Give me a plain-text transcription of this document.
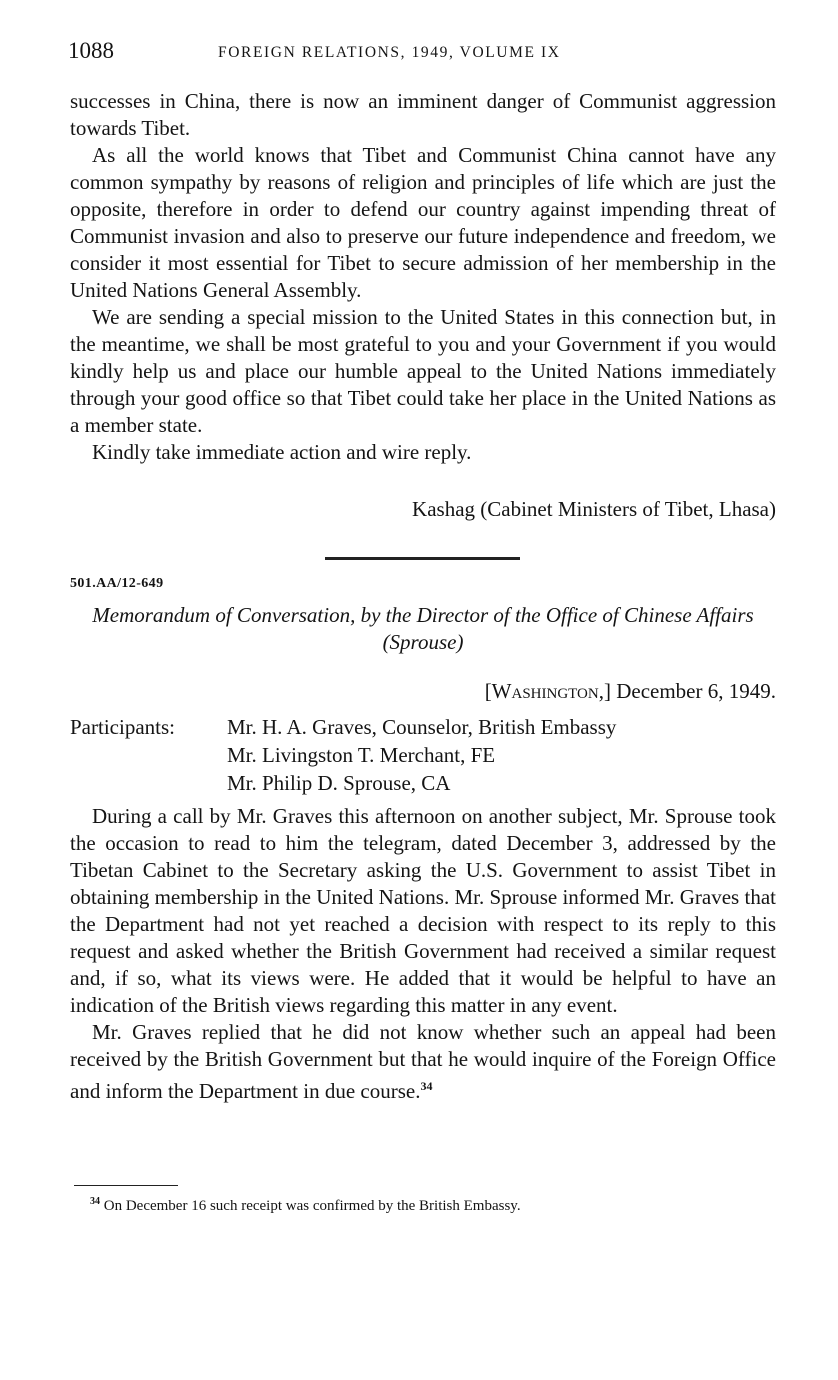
1088	FOREIGN RELATIONS, 1949, VOLUME IX

successes in China, there is now an imminent danger of Communist aggression towards Tibet.

As all the world knows that Tibet and Communist China cannot have any common sympathy by reasons of religion and principles of life which are just the opposite, therefore in order to defend our country against impending threat of Communist invasion and also to preserve our future independence and freedom, we consider it most essential for Tibet to secure admission of her membership in the United Nations General Assembly.

We are sending a special mission to the United States in this connection but, in the meantime, we shall be most grateful to you and your Government if you would kindly help us and place our humble appeal to the United Nations immediately through your good office so that Tibet could take her place in the United Nations as a member state.

Kindly take immediate action and wire reply.

Kashag (Cabinet Ministers of Tibet, Lhasa)
501.AA/12-649
Memorandum of Conversation, by the Director of the Office of Chinese Affairs (Sprouse)
[Washington,] December 6, 1949.
Participants: Mr. H. A. Graves, Counselor, British Embassy
Mr. Livingston T. Merchant, FE
Mr. Philip D. Sprouse, CA

During a call by Mr. Graves this afternoon on another subject, Mr. Sprouse took the occasion to read to him the telegram, dated December 3, addressed by the Tibetan Cabinet to the Secretary asking the U.S. Government to assist Tibet in obtaining membership in the United Nations. Mr. Sprouse informed Mr. Graves that the Department had not yet reached a decision with respect to its reply to this request and asked whether the British Government had received a similar request and, if so, what its views were. He added that it would be helpful to have an indication of the British views regarding this matter in any event.

Mr. Graves replied that he did not know whether such an appeal had been received by the British Government but that he would inquire of the Foreign Office and inform the Department in due course.$^{34}$

$^{34}$ On December 16 such receipt was confirmed by the British Embassy.
